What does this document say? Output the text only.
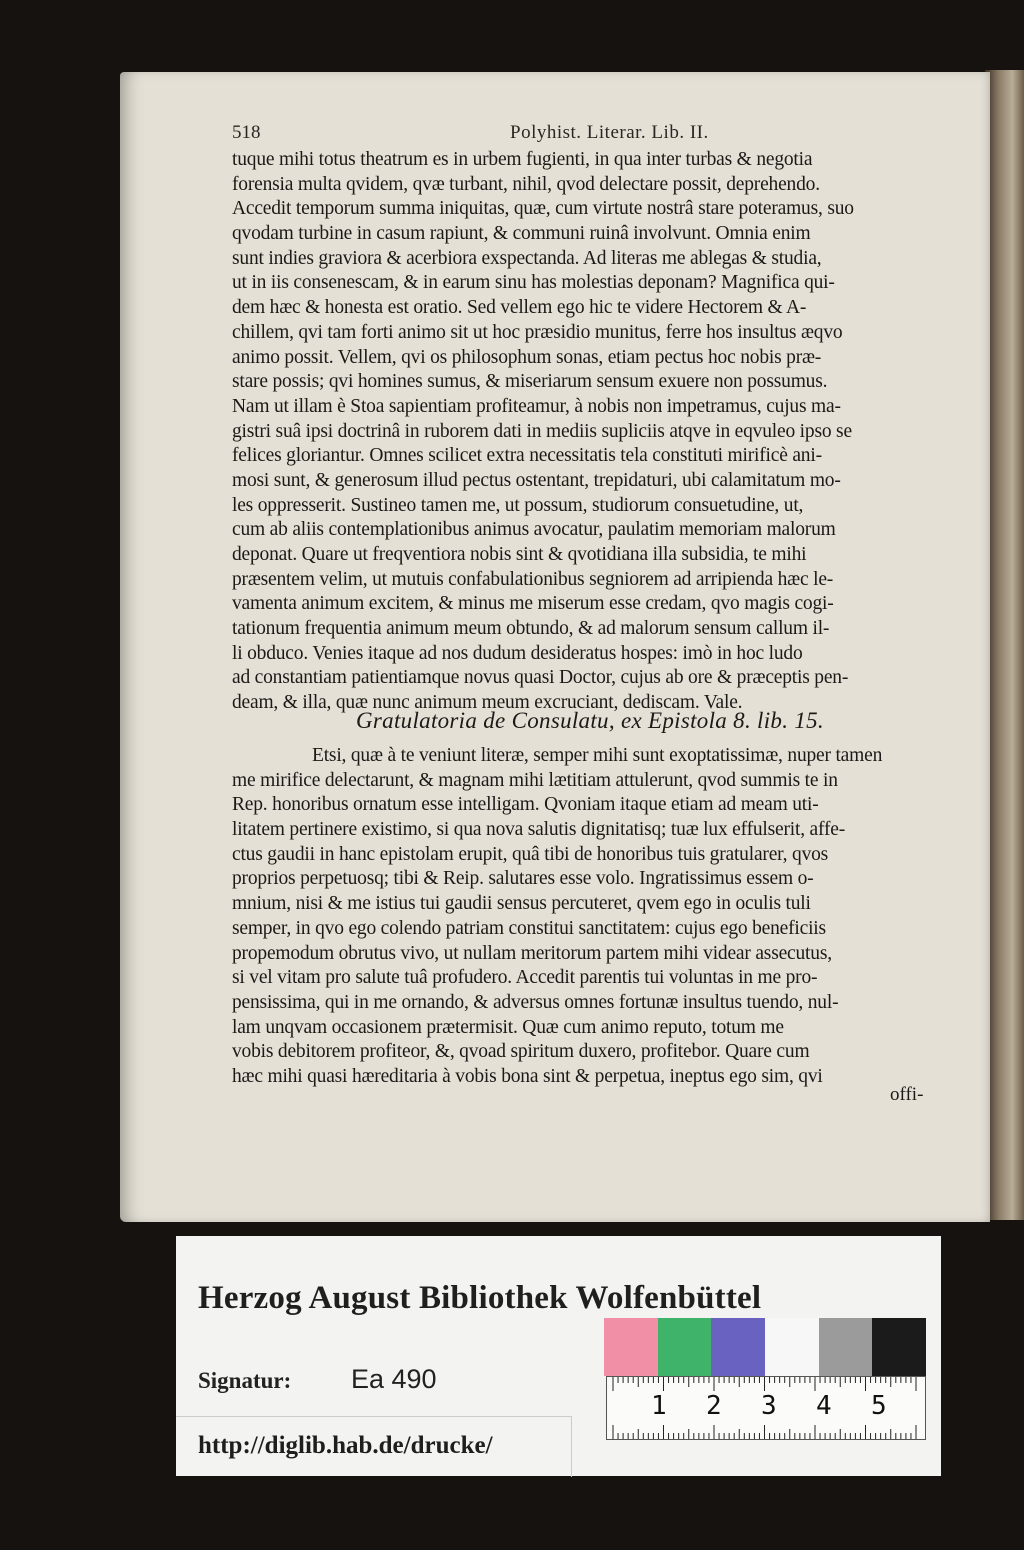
518	Polyhist. Literar. Lib. II.
tuque mihi totus theatrum es in urbem fugienti, in qua inter turbas & negotia
forensia multa qvidem, qvæ turbant, nihil, qvod delectare possit, deprehendo.
Accedit temporum summa iniquitas, quæ, cum virtute nostrâ stare poteramus, suo
qvodam turbine in casum rapiunt, & communi ruinâ involvunt. Omnia enim
sunt indies graviora & acerbiora exspectanda. Ad literas me ablegas & studia,
ut in iis consenescam, & in earum sinu has molestias deponam? Magnifica qui-
dem hæc & honesta est oratio. Sed vellem ego hic te videre Hectorem & A-
chillem, qvi tam forti animo sit ut hoc præsidio munitus, ferre hos insultus æqvo
animo possit. Vellem, qvi os philosophum sonas, etiam pectus hoc nobis præ-
stare possis; qvi homines sumus, & miseriarum sensum exuere non possumus.
Nam ut illam è Stoa sapientiam profiteamur, à nobis non impetramus, cujus ma-
gistri suâ ipsi doctrinâ in ruborem dati in mediis supliciis atqve in eqvuleo ipso se
felices gloriantur. Omnes scilicet extra necessitatis tela constituti mirificè ani-
mosi sunt, & generosum illud pectus ostentant, trepidaturi, ubi calamitatum mo-
les oppresserit. Sustineo tamen me, ut possum, studiorum consuetudine, ut,
cum ab aliis contemplationibus animus avocatur, paulatim memoriam malorum
deponat. Quare ut freqventiora nobis sint & qvotidiana illa subsidia, te mihi
præsentem velim, ut mutuis confabulationibus segniorem ad arripienda hæc le-
vamenta animum excitem, & minus me miserum esse credam, qvo magis cogi-
tationum frequentia animum meum obtundo, & ad malorum sensum callum il-
li obduco. Venies itaque ad nos dudum desideratus hospes: imò in hoc ludo
ad constantiam patientiamque novus quasi Doctor, cujus ab ore & præceptis pen-
deam, & illa, quæ nunc animum meum excruciant, dediscam. Vale.
Gratulatoria de Consulatu, ex Epistola 8. lib. 15.
Etsi, quæ à te veniunt literæ, semper mihi sunt exoptatissimæ, nuper tamen
me mirifice delectarunt, & magnam mihi lætitiam attulerunt, qvod summis te in
Rep. honoribus ornatum esse intelligam. Qvoniam itaque etiam ad meam uti-
litatem pertinere existimo, si qua nova salutis dignitatisq; tuæ lux effulserit, affe-
ctus gaudii in hanc epistolam erupit, quâ tibi de honoribus tuis gratularer, qvos
proprios perpetuosq; tibi & Reip. salutares esse volo. Ingratissimus essem o-
mnium, nisi & me istius tui gaudii sensus percuteret, qvem ego in oculis tuli
semper, in qvo ego colendo patriam constitui sanctitatem: cujus ego beneficiis
propemodum obrutus vivo, ut nullam meritorum partem mihi videar assecutus,
si vel vitam pro salute tuâ profudero. Accedit parentis tui voluntas in me pro-
pensissima, qui in me ornando, & adversus omnes fortunæ insultus tuendo, nul-
lam unqvam occasionem prætermisit. Quæ cum animo reputo, totum me
vobis debitorem profiteor, &, qvoad spiritum duxero, profitebor. Quare cum
hæc mihi quasi hæreditaria à vobis bona sint & perpetua, ineptus ego sim, qvi
offi-
Herzog August Bibliothek Wolfenbüttel
Signatur: Ea 490
1 2 3 4 5
http://diglib.hab.de/drucke/
